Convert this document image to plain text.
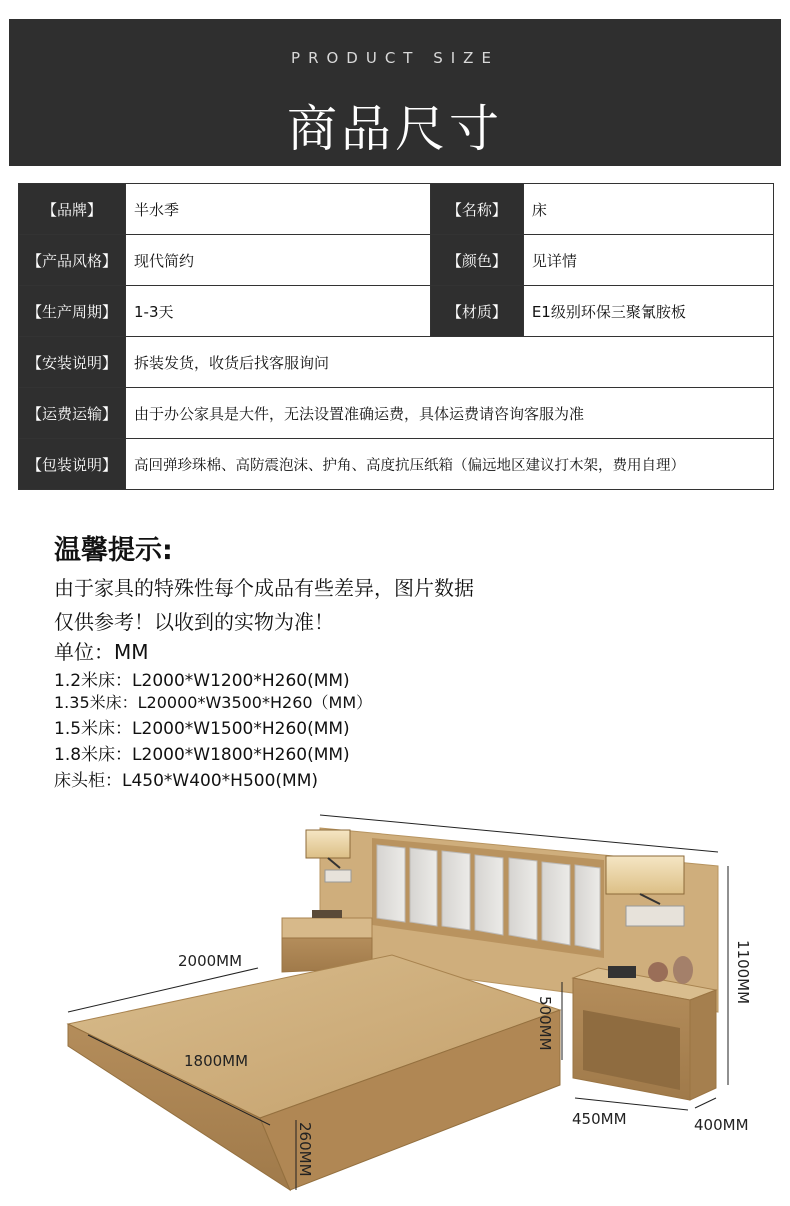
PRODUCT SIZE
商品尺寸
【品牌】	半水季	【名称】	床
【产品风格】	现代简约	【颜色】	见详情
【生产周期】	1-3天	【材质】	E1级别环保三聚氰胺板
【安装说明】	拆装发货，收货后找客服询问		
【运费运输】	由于办公家具是大件，无法设置准确运费，具体运费请咨询客服为准		
【包装说明】	高回弹珍珠棉、高防震泡沫、护角、高度抗压纸箱（偏远地区建议打木架，费用自理）		
温馨提示:
由于家具的特殊性每个成品有些差异，图片数据
仅供参考！以收到的实物为准！
单位：MM
1.2米床：L2000*W1200*H260(MM)
1.35米床：L20000*W3500*H260（MM）
1.5米床：L2000*W1500*H260(MM)
1.8米床：L2000*W1800*H260(MM)
床头柜：L450*W400*H500(MM)
2000MM
1800MM
260MM
1100MM
500MM
450MM	400MM
